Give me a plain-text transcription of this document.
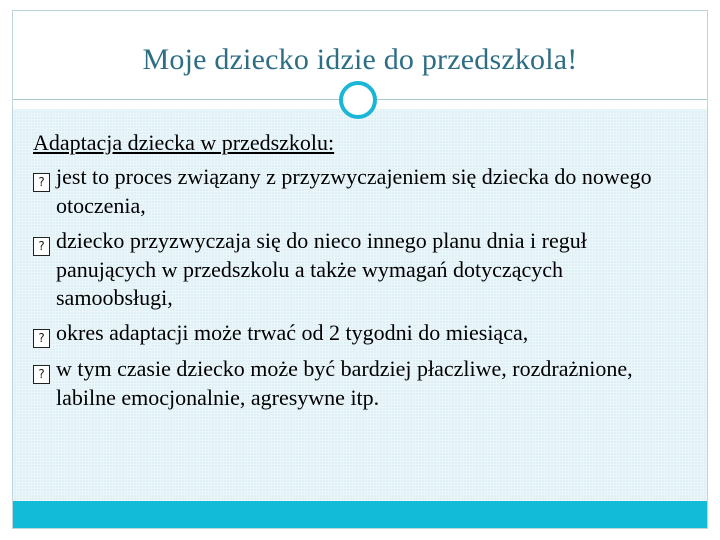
Moje dziecko idzie do przedszkola!
Adaptacja dziecka w przedszkolu:
? jest to proces związany z przyzwyczajeniem się dziecka do nowego otoczenia,
? dziecko przyzwyczaja się do nieco innego planu dnia i reguł panujących w przedszkolu a także wymagań dotyczących samoobsługi,
? okres adaptacji może trwać od 2 tygodni do miesiąca,
? w tym czasie dziecko może być bardziej płaczliwe, rozdrażnione, labilne emocjonalnie, agresywne itp.
